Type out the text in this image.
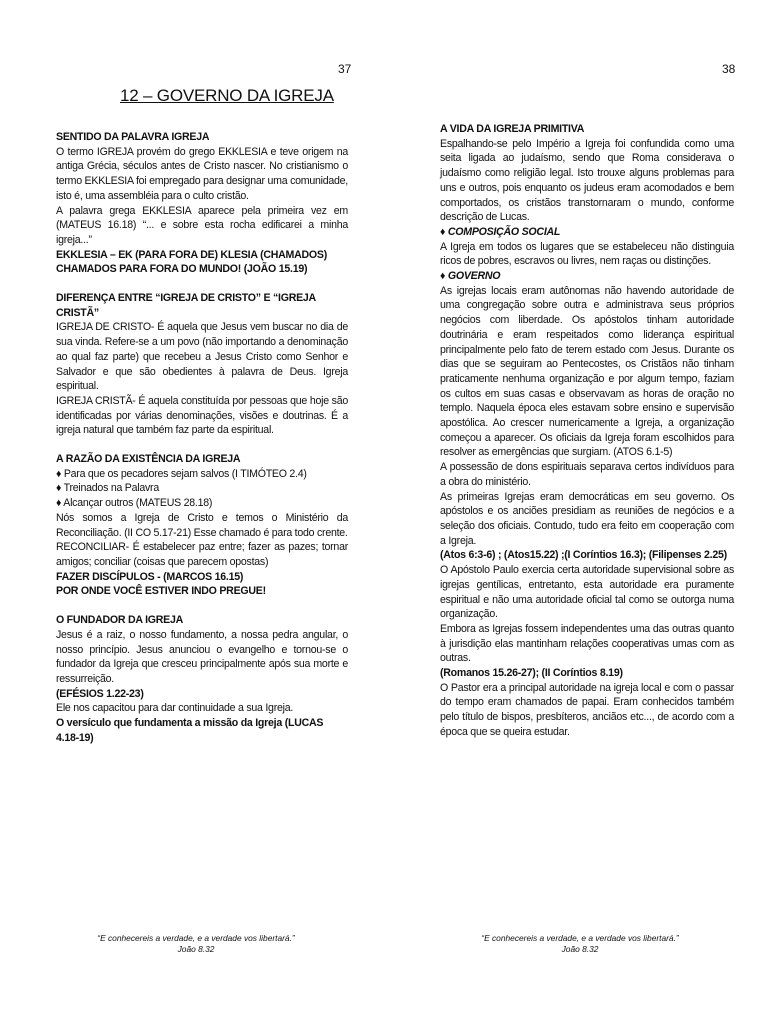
37
12 – GOVERNO DA IGREJA

SENTIDO DA PALAVRA IGREJA

O termo IGREJA provém do grego EKKLESIA e teve origem na antiga Grécia, séculos antes de Cristo nascer. No cristianismo o termo EKKLESIA foi empregado para designar uma comunidade, isto é, uma assembléia para o culto cristão.

A palavra grega EKKLESIA aparece pela primeira vez em (MATEUS 16.18) “... e sobre esta rocha edificarei a minha igreja...”

EKKLESIA – EK (PARA FORA DE) KLESIA (CHAMADOS) CHAMADOS PARA FORA DO MUNDO! (JOÃO 15.19)

DIFERENÇA ENTRE “IGREJA DE CRISTO” E “IGREJA CRISTÃ”

IGREJA DE CRISTO- É aquela que Jesus vem buscar no dia de sua vinda. Refere-se a um povo (não importando a denominação ao qual faz parte) que recebeu a Jesus Cristo como Senhor e Salvador e que são obedientes à palavra de Deus. Igreja espiritual.

IGREJA CRISTÃ- É aquela constituída por pessoas que hoje são identificadas por várias denominações, visões e doutrinas. É a igreja natural que também faz parte da espiritual.

A RAZÃO DA EXISTÊNCIA DA IGREJA

♦ Para que os pecadores sejam salvos (I TIMÓTEO 2.4)

♦ Treinados na Palavra

♦ Alcançar outros (MATEUS 28.18)

Nós somos a Igreja de Cristo e temos o Ministério da Reconciliação. (II CO 5.17-21) Esse chamado é para todo crente.

RECONCILIAR- É estabelecer paz entre; fazer as pazes; tornar amigos; conciliar (coisas que parecem opostas)

FAZER DISCÍPULOS - (MARCOS 16.15)

POR ONDE VOCÊ ESTIVER INDO PREGUE!

O FUNDADOR DA IGREJA

Jesus é a raiz, o nosso fundamento, a nossa pedra angular, o nosso princípio. Jesus anunciou o evangelho e tornou-se o fundador da Igreja que cresceu principalmente após sua morte e ressurreição.

(EFÉSIOS 1.22-23)

Ele nos capacitou para dar continuidade a sua Igreja.

O versículo que fundamenta a missão da Igreja (LUCAS 4.18-19)

“E conhecereis a verdade, e a verdade vos libertará.”
João 8.32
38

A VIDA DA IGREJA PRIMITIVA

Espalhando-se pelo Império a Igreja foi confundida como uma seita ligada ao judaísmo, sendo que Roma considerava o judaísmo como religião legal. Isto trouxe alguns problemas para uns e outros, pois enquanto os judeus eram acomodados e bem comportados, os cristãos transtornaram o mundo, conforme descrição de Lucas.

♦ COMPOSIÇÃO SOCIAL

A Igreja em todos os lugares que se estabeleceu não distinguia ricos de pobres, escravos ou livres, nem raças ou distinções.

♦ GOVERNO

As igrejas locais eram autônomas não havendo autoridade de uma congregação sobre outra e administrava seus próprios negócios com liberdade. Os apóstolos tinham autoridade doutrinária e eram respeitados como liderança espiritual principalmente pelo fato de terem estado com Jesus. Durante os dias que se seguiram ao Pentecostes, os Cristãos não tinham praticamente nenhuma organização e por algum tempo, faziam os cultos em suas casas e observavam as horas de oração no templo. Naquela época eles estavam sobre ensino e supervisão apostólica. Ao crescer numericamente a Igreja, a organização começou a aparecer. Os oficiais da Igreja foram escolhidos para resolver as emergências que surgiam. (ATOS 6.1-5)

A possessão de dons espirituais separava certos indivíduos para a obra do ministério.

As primeiras Igrejas eram democráticas em seu governo. Os apóstolos e os anciões presidiam as reuniões de negócios e a seleção dos oficiais. Contudo, tudo era feito em cooperação com a Igreja.

(Atos 6:3-6) ; (Atos15.22) ;(I Coríntios 16.3); (Filipenses 2.25)

O Apóstolo Paulo exercia certa autoridade supervisional sobre as igrejas gentílicas, entretanto, esta autoridade era puramente espiritual e não uma autoridade oficial tal como se outorga numa organização.

Embora as Igrejas fossem independentes uma das outras quanto à jurisdição elas mantinham relações cooperativas umas com as outras.

(Romanos 15.26-27); (II Coríntios 8.19)

O Pastor era a principal autoridade na igreja local e com o passar do tempo eram chamados de papai. Eram conhecidos também pelo título de bispos, presbíteros, anciãos etc..., de acordo com a época que se queira estudar.

“E conhecereis a verdade, e a verdade vos libertará.”
João 8.32
